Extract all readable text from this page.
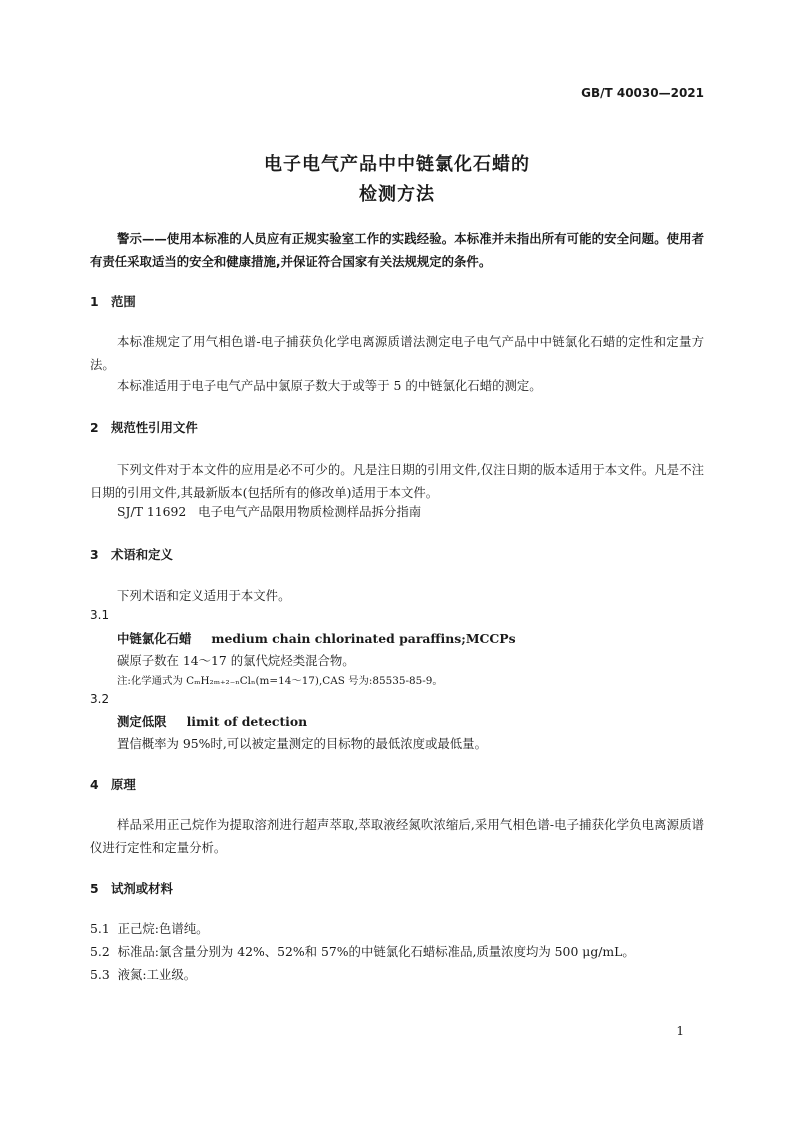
GB/T 40030—2021
电子电气产品中中链氯化石蜡的
检测方法
警示——使用本标准的人员应有正规实验室工作的实践经验。本标准并未指出所有可能的安全问题。使用者有责任采取适当的安全和健康措施,并保证符合国家有关法规规定的条件。
1 范围
本标准规定了用气相色谱-电子捕获负化学电离源质谱法测定电子电气产品中中链氯化石蜡的定性和定量方法。
本标准适用于电子电气产品中氯原子数大于或等于 5 的中链氯化石蜡的测定。
2 规范性引用文件
下列文件对于本文件的应用是必不可少的。凡是注日期的引用文件,仅注日期的版本适用于本文件。凡是不注日期的引用文件,其最新版本(包括所有的修改单)适用于本文件。
SJ/T 11692   电子电气产品限用物质检测样品拆分指南
3 术语和定义
下列术语和定义适用于本文件。
3.1
中链氯化石蜡 medium chain chlorinated paraffins;MCCPs
碳原子数在 14～17 的氯代烷烃类混合物。
注:化学通式为 CₘH₂ₘ₊₂₋ₙClₙ(m=14～17),CAS 号为:85535-85-9。
3.2
测定低限 limit of detection
置信概率为 95%时,可以被定量测定的目标物的最低浓度或最低量。
4 原理
样品采用正己烷作为提取溶剂进行超声萃取,萃取液经氮吹浓缩后,采用气相色谱-电子捕获化学负电离源质谱仪进行定性和定量分析。
5 试剂或材料
5.1  正己烷:色谱纯。
5.2  标准品:氯含量分别为 42%、52%和 57%的中链氯化石蜡标准品,质量浓度均为 500 μg/mL。
5.3  液氮:工业级。
1
